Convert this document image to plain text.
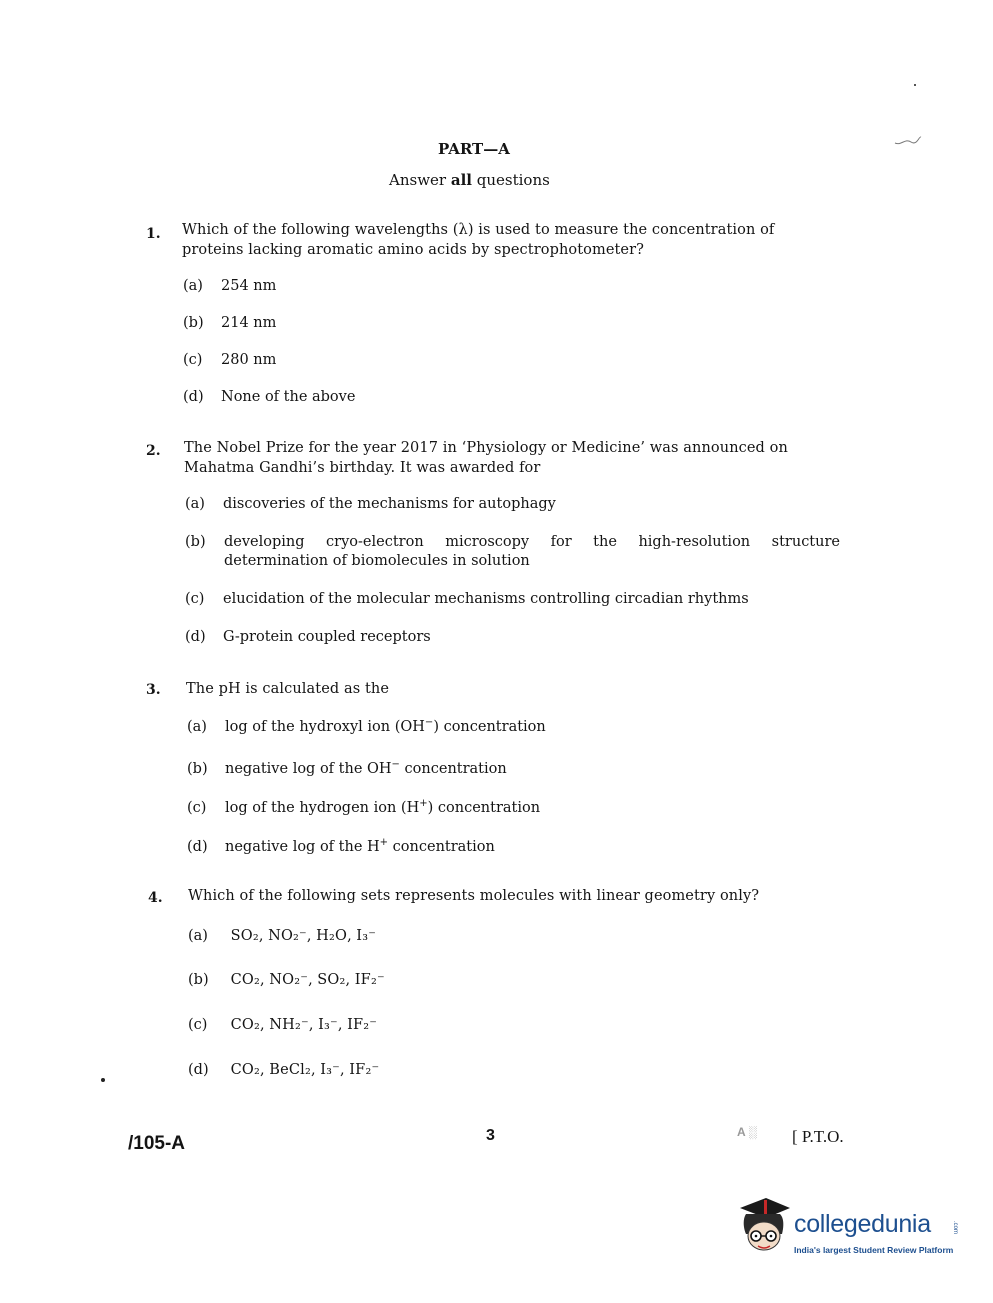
PART—A
Answer all questions
1. Which of the following wavelengths (λ) is used to measure the concentration of proteins lacking aromatic amino acids by spectrophotometer?
(a) 254 nm
(b) 214 nm
(c) 280 nm
(d) None of the above
2. The Nobel Prize for the year 2017 in ‘Physiology or Medicine’ was announced on Mahatma Gandhi’s birthday. It was awarded for
(a) discoveries of the mechanisms for autophagy
(b)	developing cryo-electron microscopy for the high-resolution structure
determination of biomolecules in solution
(c) elucidation of the molecular mechanisms controlling circadian rhythms
(d) G-protein coupled receptors
3. The pH is calculated as the
(a) log of the hydroxyl ion (OH−) concentration
(b) negative log of the OH− concentration
(c) log of the hydrogen ion (H+) concentration
(d) negative log of the H+ concentration
4. Which of the following sets represents molecules with linear geometry only?
(a) SO₂, NO₂⁻, H₂O, I₃⁻
(b) CO₂, NO₂⁻, SO₂, IF₂⁻
(c) CO₂, NH₂⁻, I₃⁻, IF₂⁻
(d) CO₂, BeCl₂, I₃⁻, IF₂⁻
/105-A	3	A ░ [ P.T.O.
collegedunia	.com
India's largest Student Review Platform
